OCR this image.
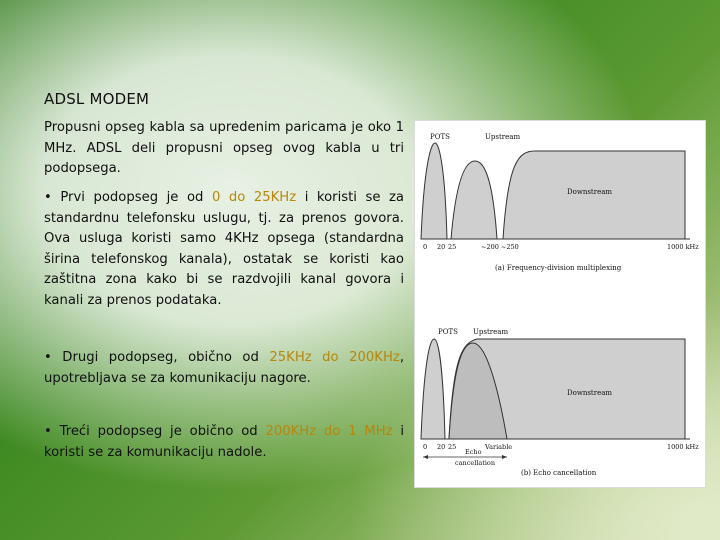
ADSL MODEM

Propusni opseg kabla sa upredenim paricama je oko 1 MHz. ADSL deli propusni opseg ovog kabla u tri podopsega.

• Prvi podopseg je od 0 do 25KHz i koristi se za standardnu telefonsku uslugu, tj. za prenos govora. Ova usluga koristi samo 4KHz opsega (standardna širina telefonskog kanala), ostatak se koristi kao zaštitna zona kako bi se razdvojili kanal govora i kanali za prenos podataka.

• Drugi podopseg, obično od 25KHz do 200KHz, upotrebljava se za komunikaciju nagore.

• Treći podopseg je obično od 200KHz do 1 MHz i koristi se za komunikaciju nadole.

POTS	Upstream
Downstream
0 20 25	~200 ~250	1000 kHz
(a) Frequency-division multiplexing
POTS Upstream
Downstream
0 20 25	Variable	1000 kHz
Echo
cancellation
(b) Echo cancellation
